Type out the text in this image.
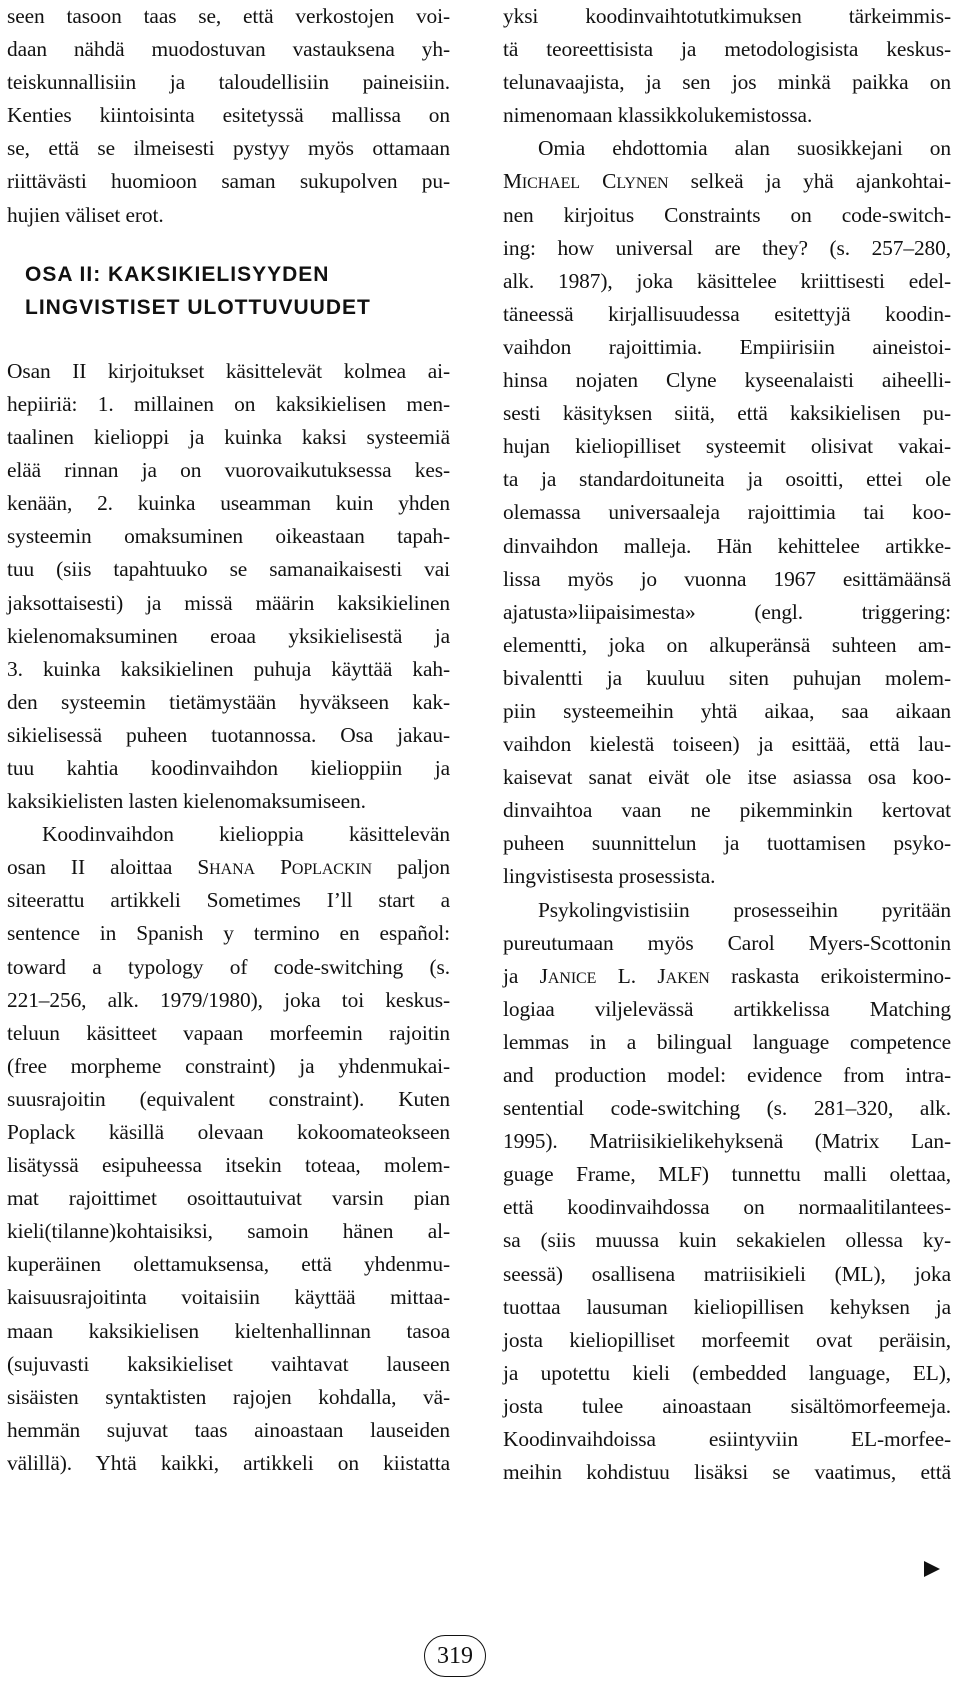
seen tasoon taas se, että verkostojen voi-
daan nähdä muodostuvan vastauksena yh-
teiskunnallisiin ja taloudellisiin paineisiin.
Kenties kiintoisinta esitetyssä mallissa on
se, että se ilmeisesti pystyy myös ottamaan
riittävästi huomioon saman sukupolven pu-
hujien väliset erot.
OSA II: KAKSIKIELISYYDEN
LINGVISTISET ULOTTUVUUDET
Osan II kirjoitukset käsittelevät kolmea ai-
hepiiriä: 1. millainen on kaksikielisen men-
taalinen kielioppi ja kuinka kaksi systeemiä
elää rinnan ja on vuorovaikutuksessa kes-
kenään, 2. kuinka useamman kuin yhden
systeemin omaksuminen oikeastaan tapah-
tuu (siis tapahtuuko se samanaikaisesti vai
jaksottaisesti) ja missä määrin kaksikielinen
kielenomaksuminen eroaa yksikielisestä ja
3. kuinka kaksikielinen puhuja käyttää kah-
den systeemin tietämystään hyväkseen kak-
sikielisessä puheen tuotannossa. Osa jakau-
tuu kahtia koodinvaihdon kielioppiin ja
kaksikielisten lasten kielenomaksumiseen.
Koodinvaihdon kielioppia käsittelevän
osan II aloittaa SHANA POPLACKIN paljon
siteerattu artikkeli Sometimes I’ll start a
sentence in Spanish y termino en español:
toward a typology of code-switching (s.
221–256, alk. 1979/1980), joka toi keskus-
teluun käsitteet vapaan morfeemin rajoitin
(free morpheme constraint) ja yhdenmukai-
suusrajoitin (equivalent constraint). Kuten
Poplack käsillä olevaan kokoomateokseen
lisätyssä esipuheessa itsekin toteaa, molem-
mat rajoittimet osoittautuivat varsin pian
kieli(tilanne)kohtaisiksi, samoin hänen al-
kuperäinen olettamuksensa, että yhdenmu-
kaisuusrajoitinta voitaisiin käyttää mittaa-
maan kaksikielisen kieltenhallinnan tasoa
(sujuvasti kaksikieliset vaihtavat lauseen
sisäisten syntaktisten rajojen kohdalla, vä-
hemmän sujuvat taas ainoastaan lauseiden
välillä). Yhtä kaikki, artikkeli on kiistatta
yksi koodinvaihtotutkimuksen tärkeimmis-
tä teoreettisista ja metodologisista keskus-
telunavaajista, ja sen jos minkä paikka on
nimenomaan klassikkolukemistossa.
Omia ehdottomia alan suosikkejani on
MICHAEL CLYNEN selkeä ja yhä ajankohtai-
nen kirjoitus Constraints on code-switch-
ing: how universal are they? (s. 257–280,
alk. 1987), joka käsittelee kriittisesti edel-
täneessä kirjallisuudessa esitettyjä koodin-
vaihdon rajoittimia. Empiirisiin aineistoi-
hinsa nojaten Clyne kyseenalaisti aiheelli-
sesti käsityksen siitä, että kaksikielisen pu-
hujan kieliopilliset systeemit olisivat vakai-
ta ja standardoituneita ja osoitti, ettei ole
olemassa universaaleja rajoittimia tai koo-
dinvaihdon malleja. Hän kehittelee artikke-
lissa myös jo vuonna 1967 esittämäänsä
ajatusta»liipaisimesta» (engl. triggering:
elementti, joka on alkuperänsä suhteen am-
bivalentti ja kuuluu siten puhujan molem-
piin systeemeihin yhtä aikaa, saa aikaan
vaihdon kielestä toiseen) ja esittää, että lau-
kaisevat sanat eivät ole itse asiassa osa koo-
dinvaihtoa vaan ne pikemminkin kertovat
puheen suunnittelun ja tuottamisen psyko-
lingvistisesta prosessista.
Psykolingvistisiin prosesseihin pyritään
pureutumaan myös Carol Myers-Scottonin
ja JANICE L. JAKEN raskasta erikoistermino-
logiaa viljelevässä artikkelissa Matching
lemmas in a bilingual language competence
and production model: evidence from intra-
sentential code-switching (s. 281–320, alk.
1995). Matriisikielikehyksenä (Matrix Lan-
guage Frame, MLF) tunnettu malli olettaa,
että koodinvaihdossa on normaalitilantees-
sa (siis muussa kuin sekakielen ollessa ky-
seessä) osallisena matriisikieli (ML), joka
tuottaa lausuman kieliopillisen kehyksen ja
josta kieliopilliset morfeemit ovat peräisin,
ja upotettu kieli (embedded language, EL),
josta tulee ainoastaan sisältömorfeemeja.
Koodinvaihdoissa esiintyviin EL-morfee-
meihin kohdistuu lisäksi se vaatimus, että
319
